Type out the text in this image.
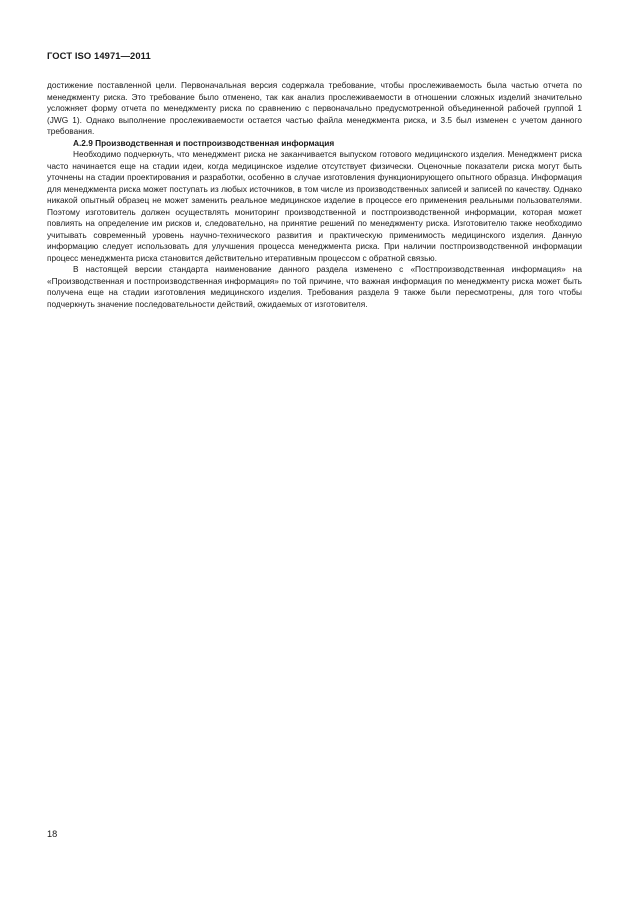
ГОСТ ISO 14971—2011

достижение поставленной цели. Первоначальная версия содержала требование, чтобы прослеживаемость была частью отчета по менеджменту риска. Это требование было отменено, так как анализ прослеживаемости в отношении сложных изделий значительно усложняет форму отчета по менеджменту риска по сравнению с первоначально предусмотренной объединенной рабочей группой 1 (JWG 1). Однако выполнение прослеживаемости остается частью файла менеджмента риска, и 3.5 был изменен с учетом данного требования.

А.2.9 Производственная и постпроизводственная информация

Необходимо подчеркнуть, что менеджмент риска не заканчивается выпуском готового медицинского изделия. Менеджмент риска часто начинается еще на стадии идеи, когда медицинское изделие отсутствует физически. Оценочные показатели риска могут быть уточнены на стадии проектирования и разработки, особенно в случае изготовления функционирующего опытного образца. Информация для менеджмента риска может поступать из любых источников, в том числе из производственных записей и записей по качеству. Однако никакой опытный образец не может заменить реальное медицинское изделие в процессе его применения реальными пользователями. Поэтому изготовитель должен осуществлять мониторинг производственной и постпроизводственной информации, которая может повлиять на определение им рисков и, следовательно, на принятие решений по менеджменту риска. Изготовителю также необходимо учитывать современный уровень научно-технического развития и практическую применимость медицинского изделия. Данную информацию следует использовать для улучшения процесса менеджмента риска. При наличии постпроизводственной информации процесс менеджмента риска становится действительно итеративным процессом с обратной связью.

В настоящей версии стандарта наименование данного раздела изменено с «Постпроизводственная информация» на «Производственная и постпроизводственная информация» по той причине, что важная информация по менеджменту риска может быть получена еще на стадии изготовления медицинского изделия. Требования раздела 9 также были пересмотрены, для того чтобы подчеркнуть значение последовательности действий, ожидаемых от изготовителя.

18
